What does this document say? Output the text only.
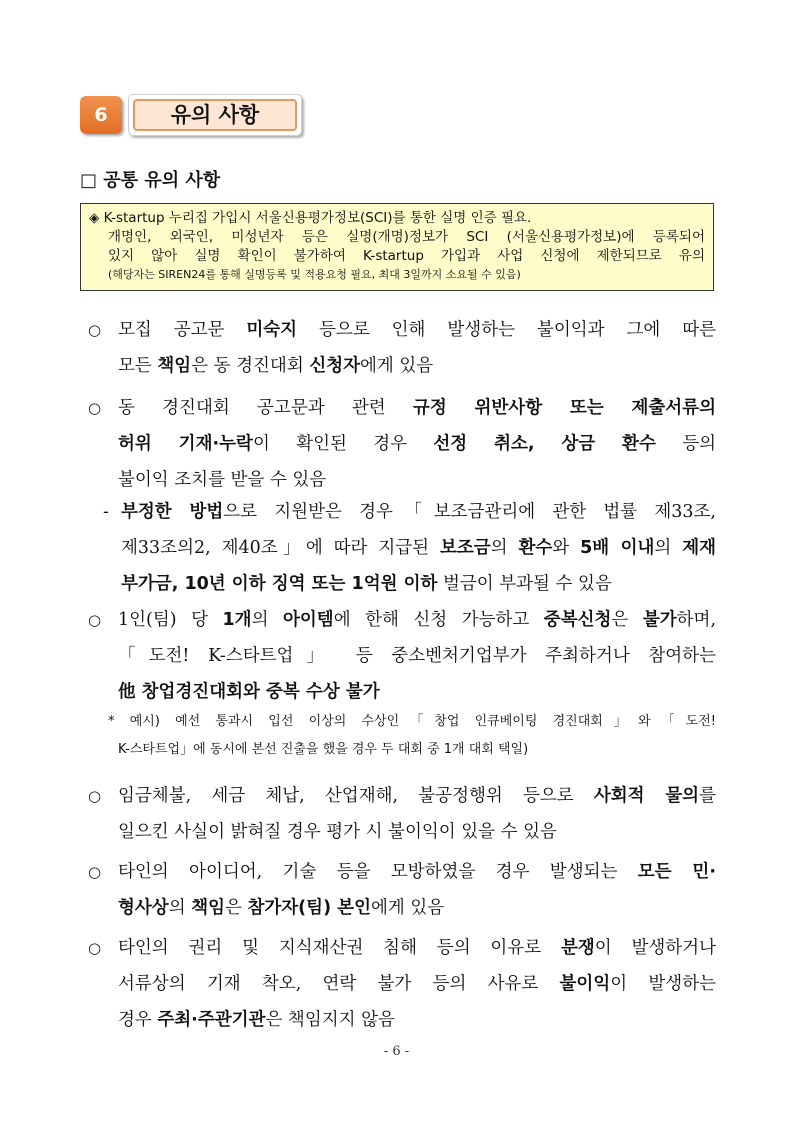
6	유의 사항
□ 공통 유의 사항
◈ K-startup 누리집 가입시 서울신용평가정보(SCI)를 통한 실명 인증 필요.
개명인, 외국인, 미성년자 등은 실명(개명)정보가 SCI (서울신용평가정보)에 등록되어
있지 않아 실명 확인이 불가하여 K-startup 가입과 사업 신청에 제한되므로 유의
(해당자는 SIREN24를 통해 실명등록 및 적용요청 필요, 최대 3일까지 소요될 수 있음)
○ 모집 공고문 미숙지 등으로 인해 발생하는 불이익과 그에 따른
모든 책임은 동 경진대회 신청자에게 있음
○ 동 경진대회 공고문과 관련 규정 위반사항 또는 제출서류의
허위 기재·누락이 확인된 경우 선정 취소, 상금 환수 등의
불이익 조치를 받을 수 있음
- 부정한 방법으로 지원받은 경우「보조금관리에 관한 법률 제33조,
제33조의2, 제40조」에 따라 지급된 보조금의 환수와 5배 이내의 제재
부가금, 10년 이하 징역 또는 1억원 이하 벌금이 부과될 수 있음
○ 1인(팀) 당 1개의 아이템에 한해 신청 가능하고 중복신청은 불가하며,
「도전! K-스타트업」 등 중소벤처기업부가 주최하거나 참여하는
他 창업경진대회와 중복 수상 불가
* 예시) 예선 통과시 입선 이상의 수상인「창업 인큐베이팅 경진대회」와「도전!
K-스타트업」에 동시에 본선 진출을 했을 경우 두 대회 중 1개 대회 택일)
○ 임금체불, 세금 체납, 산업재해, 불공정행위 등으로 사회적 물의를
일으킨 사실이 밝혀질 경우 평가 시 불이익이 있을 수 있음
○ 타인의 아이디어, 기술 등을 모방하였을 경우 발생되는 모든 민·
형사상의 책임은 참가자(팀) 본인에게 있음
○ 타인의 권리 및 지식재산권 침해 등의 이유로 분쟁이 발생하거나
서류상의 기재 착오, 연락 불가 등의 사유로 불이익이 발생하는
경우 주최·주관기관은 책임지지 않음
- 6 -
